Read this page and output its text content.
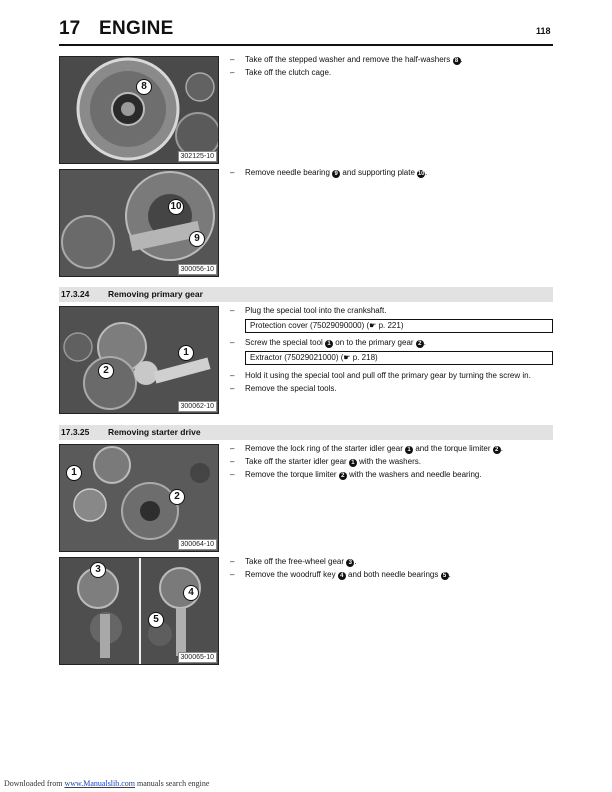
17 ENGINE	118
8
302125-10
10
9
300056-10
–	Take off the stepped washer and remove the half-washers 8 .
–	Take off the clutch cage.
–	Remove needle bearing 9 and supporting plate 10.
17.3.24 Removing primary gear
1
2
300062-10
–	Plug the special tool into the crankshaft.
Protection cover (75029090000) (☛ p. 221)
–	Screw the special tool 1 on to the primary gear 2 .
Extractor (75029021000) (☛ p. 218)
–	Hold it using the special tool and pull off the primary gear by turning the screw in.
–	Remove the special tools.
17.3.25 Removing starter drive
1
2
300064-10
–	Remove the lock ring of the starter idler gear 1 and the torque limiter 2 .
–	Take off the starter idler gear 1 with the washers.
–	Remove the torque limiter 2 with the washers and needle bearing.
3
4
5
300065-10
–	Take off the free-wheel gear 3 .
–	Remove the woodruff key 4 and both needle bearings 5 .
Downloaded from www.Manualslib.com manuals search engine
